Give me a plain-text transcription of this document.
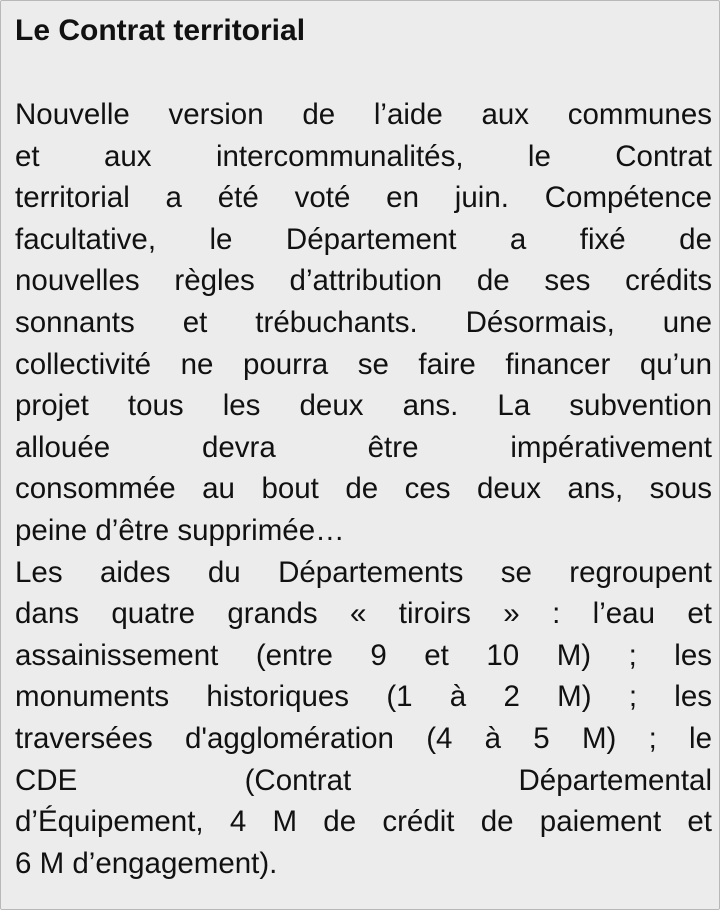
Le Contrat territorial
Nouvelle version de l’aide aux communes
et aux intercommunalités, le Contrat
territorial a été voté en juin. Compétence
facultative, le Département a fixé de
nouvelles règles d’attribution de ses crédits
sonnants et trébuchants. Désormais, une
collectivité ne pourra se faire financer qu’un
projet tous les deux ans. La subvention
allouée devra être impérativement
consommée au bout de ces deux ans, sous
peine d’être supprimée…
Les aides du Départements se regroupent
dans quatre grands « tiroirs » : l’eau et
assainissement (entre 9 et 10 M) ; les
monuments historiques (1 à 2 M) ; les
traversées d'agglomération (4 à 5 M) ; le
CDE (Contrat Départemental
d’Équipement, 4 M de crédit de paiement et
6 M d’engagement).
